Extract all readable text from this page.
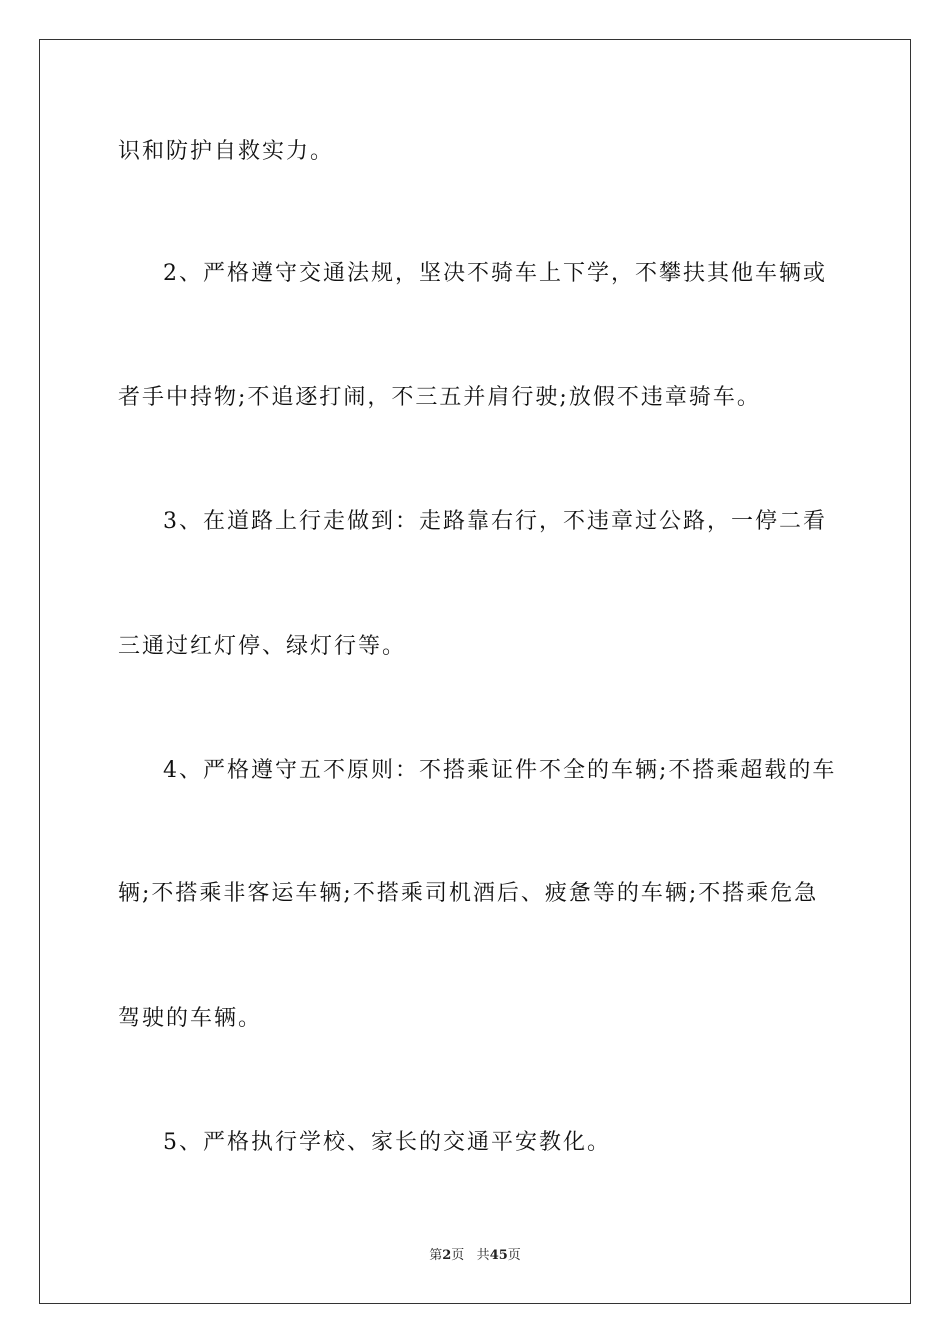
识和防护自救实力。
2、严格遵守交通法规，坚决不骑车上下学，不攀扶其他车辆或
者手中持物;不追逐打闹，不三五并肩行驶;放假不违章骑车。
3、在道路上行走做到：走路靠右行，不违章过公路，一停二看
三通过红灯停、绿灯行等。
4、严格遵守五不原则：不搭乘证件不全的车辆;不搭乘超载的车
辆;不搭乘非客运车辆;不搭乘司机酒后、疲惫等的车辆;不搭乘危急
驾驶的车辆。
5、严格执行学校、家长的交通平安教化。
第2页 共45页
